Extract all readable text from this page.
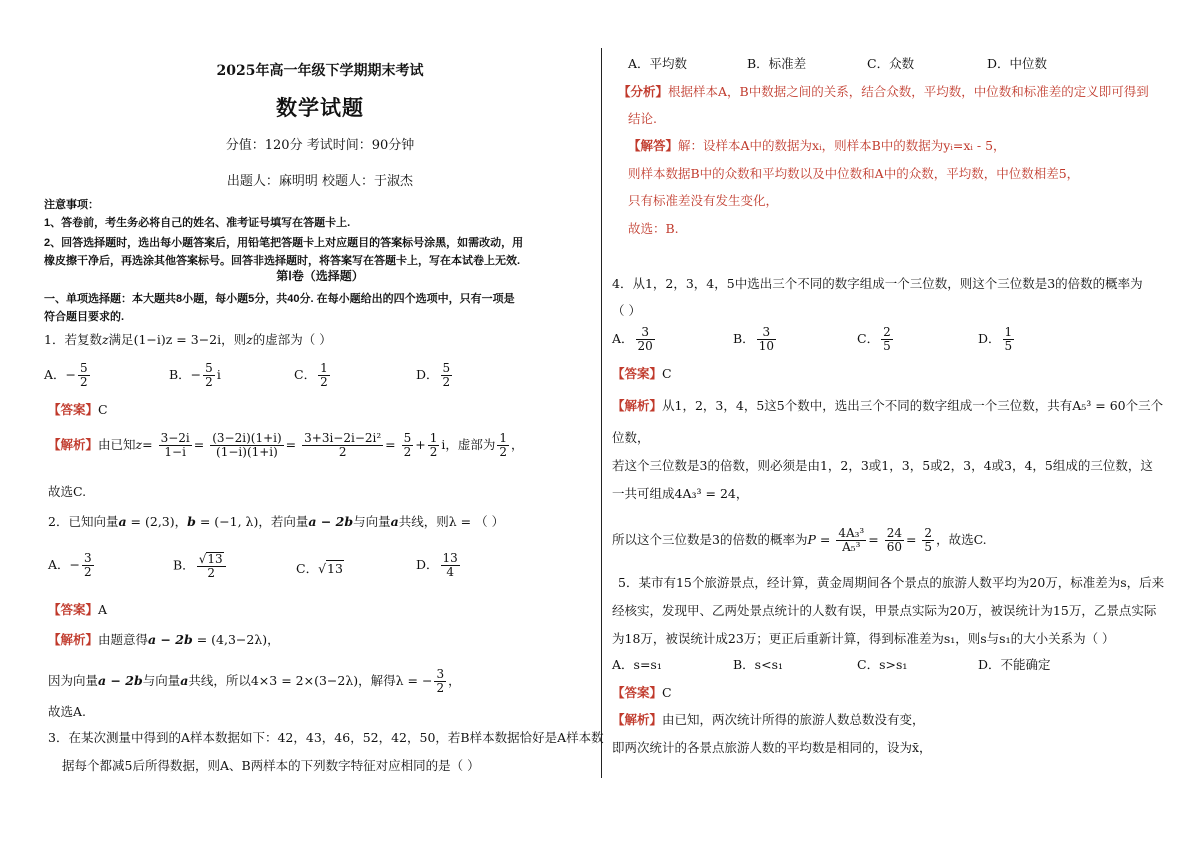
2025年高一年级下学期期末考试
数学试题
分值：120分 考试时间：90分钟
出题人：麻明明 校题人：于淑杰
注意事项：
1、答卷前，考生务必将自己的姓名、准考证号填写在答题卡上.
2、回答选择题时，选出每小题答案后，用铅笔把答题卡上对应题目的答案标号涂黑，如需改动，用
橡皮擦干净后，再选涂其他答案标号。回答非选择题时，将答案写在答题卡上，写在本试卷上无效.
第Ⅰ卷（选择题）
一、单项选择题：本大题共8小题，每小题5分，共40分. 在每小题给出的四个选项中，只有一项是
符合题目要求的.
1．若复数z满足(1−i)z = 3−2i，则z的虚部为（ ）
A．− $\frac{5}{2}$	B．− $\frac{5}{2}$ i	C． $\frac{1}{2}$	D． $\frac{5}{2}$
【答案】C
【解析】由已知$z= \frac{3-2i}{1-i} = \frac{(3-2i)(1+i)}{(1-i)(1+i)} = \frac{\text{3+3i−2i−2i²}}{2} = \frac{5}{2} + \frac{1}{2}$ i，虚部为 $\frac{1}{2}$ ，
故选C.
2．已知向量a = (2,3)，b = (−1, λ)，若向量a − 2b与向量a共线，则λ = （ ）
A．− $\frac{3}{2}$	B． $\frac{√13}{2}$	C．√13	D． $\frac{13}{4}$
【答案】A
【解析】由题意得a − 2b = (4,3−2λ)，
因为向量a − 2b与向量a共线，所以4×3 = 2×(3−2λ)，解得λ = − $\frac{3}{2}$ ，
故选A.
3．在某次测量中得到的A样本数据如下：42，43，46，52，42，50，若B样本数据恰好是A样本数
据每个都减5后所得数据，则A、B两样本的下列数字特征对应相同的是（ ）
A．平均数	B．标准差	C．众数	D．中位数
【分析】根据样本A，B中数据之间的关系，结合众数，平均数，中位数和标准差的定义即可得到
结论.
【解答】解：设样本A中的数据为xᵢ，则样本B中的数据为yᵢ=xᵢ - 5，
则样本数据B中的众数和平均数以及中位数和A中的众数，平均数，中位数相差5，
只有标准差没有发生变化，
故选：B.
4．从1，2，3，4，5中选出三个不同的数字组成一个三位数，则这个三位数是3的倍数的概率为
（ ）
A． $\frac{3}{20}$	B． $\frac{3}{10}$	C． $\frac{2}{5}$	D． $\frac{1}{5}$
【答案】C
【解析】从1，2，3，4，5这5个数中，选出三个不同的数字组成一个三位数，共有A₅³ = 60个三个
位数，
若这个三位数是3的倍数，则必须是由1，2，3或1，3，5或2，3，4或3，4，5组成的三位数，这
一共可组成4A₃³ = 24，
所以这个三位数是3的倍数的概率为$P = \frac{\text{4A₃³}}{\text{A₅³}} = \frac{24}{60} = \frac{2}{5}$ ，故选C.
5．某市有15个旅游景点，经计算，黄金周期间各个景点的旅游人数平均为20万，标准差为s，后来
经核实，发现甲、乙两处景点统计的人数有误，甲景点实际为20万，被误统计为15万，乙景点实际
为18万，被误统计成23万；更正后重新计算，得到标准差为s₁，则s与s₁的大小关系为（ ）
A．s=s₁	B．s<s₁	C．s>s₁	D．不能确定
【答案】C
【解析】由已知，两次统计所得的旅游人数总数没有变，
即两次统计的各景点旅游人数的平均数是相同的，设为x̄，
